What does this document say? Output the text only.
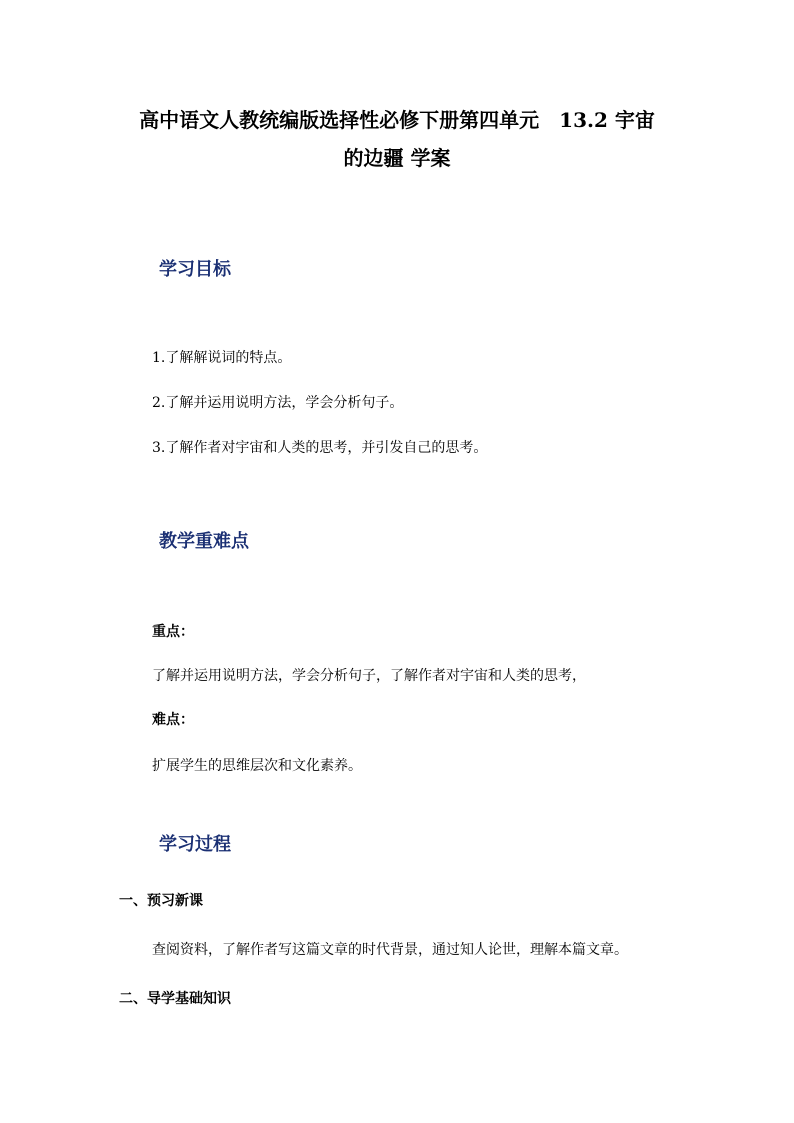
高中语文人教统编版选择性必修下册第四单元　13.2 宇宙
的边疆 学案
学习目标
1.了解解说词的特点。
2.了解并运用说明方法，学会分析句子。
3.了解作者对宇宙和人类的思考，并引发自己的思考。
教学重难点
重点：
了解并运用说明方法，学会分析句子，了解作者对宇宙和人类的思考，
难点：
扩展学生的思维层次和文化素养。
学习过程
一、预习新课
查阅资料，了解作者写这篇文章的时代背景，通过知人论世，理解本篇文章。
二、导学基础知识
